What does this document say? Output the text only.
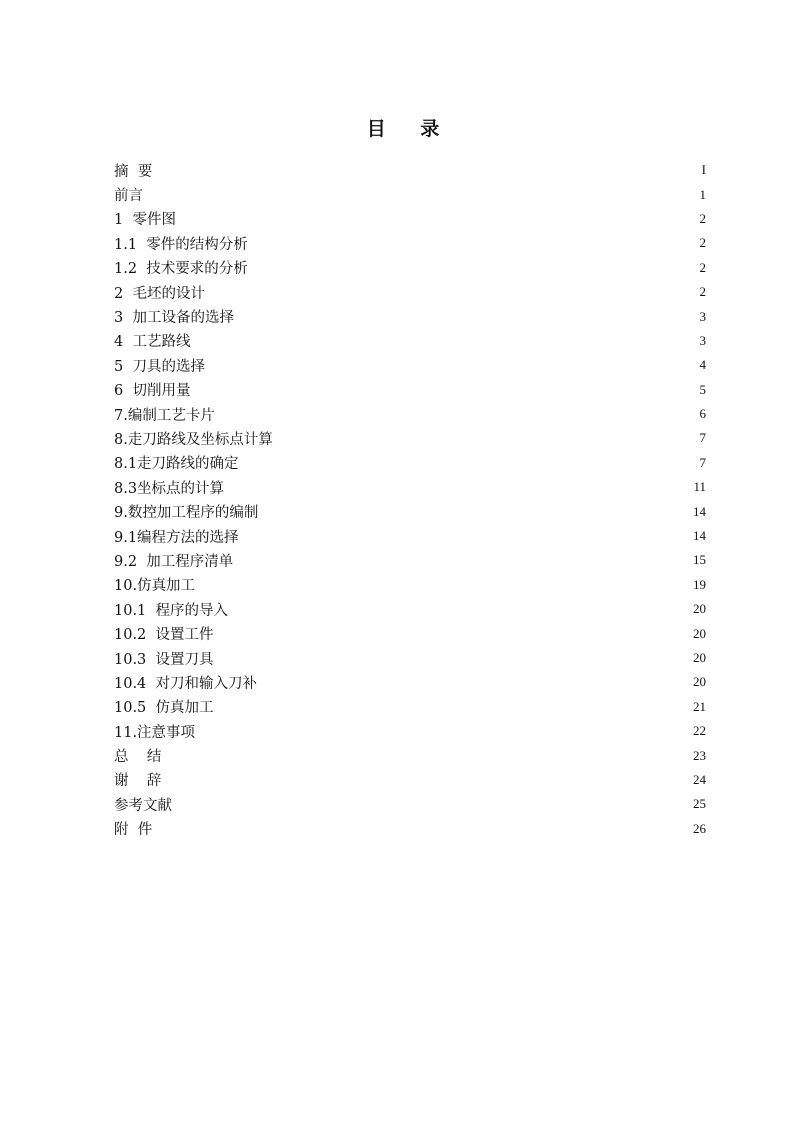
目 录
摘  要	I
前言	1
1  零件图	2
1.1  零件的结构分析	2
1.2  技术要求的分析	2
2  毛坯的设计	2
3  加工设备的选择	3
4  工艺路线	3
5  刀具的选择	4
6  切削用量	5
7.编制工艺卡片	6
8.走刀路线及坐标点计算	7
8.1走刀路线的确定	7
8.3坐标点的计算	11
9.数控加工程序的编制	14
9.1编程方法的选择	14
9.2  加工程序清单	15
10.仿真加工	19
10.1  程序的导入	20
10.2  设置工件	20
10.3  设置刀具	20
10.4  对刀和输入刀补	20
10.5  仿真加工	21
11.注意事项	22
总    结	23
谢    辞	24
参考文献	25
附  件	26
